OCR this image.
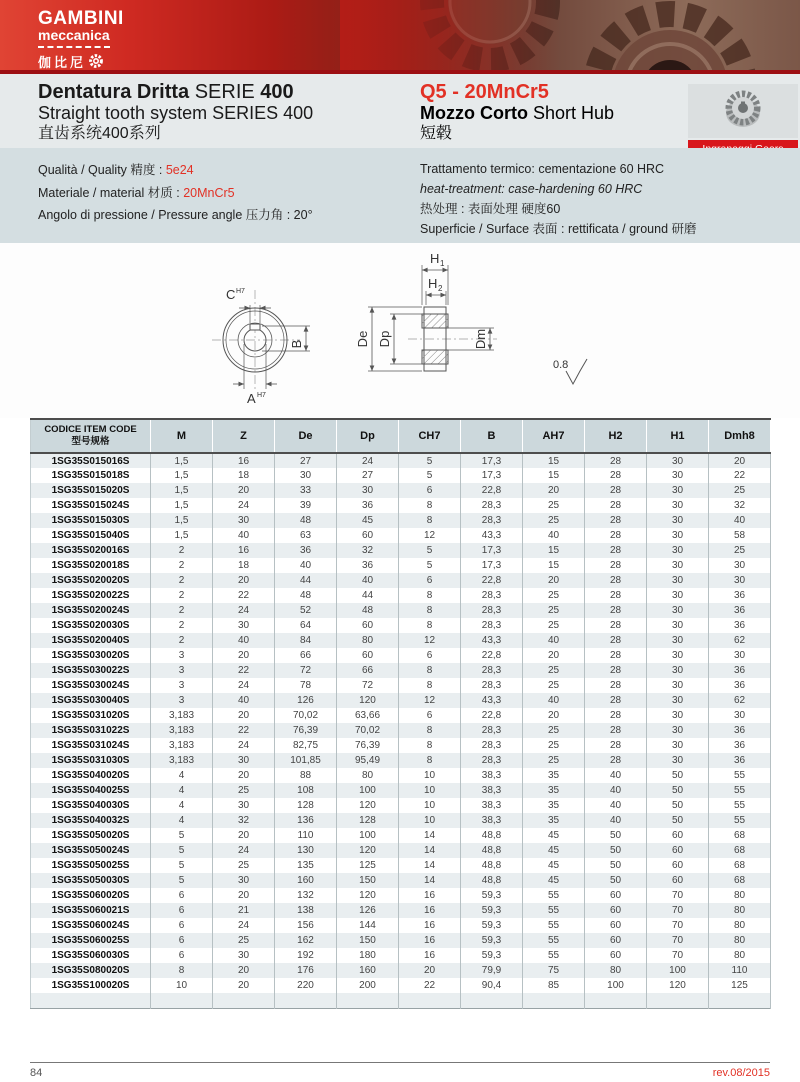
GAMBINI
meccanica
伽比尼
Dentatura Dritta SERIE 400
Straight tooth system SERIES 400
直齿系统400系列
Q5 - 20MnCr5
Mozzo Corto Short Hub
短毂
Qualità / Quality 精度 : 5e24
Materiale / material 材质 : 20MnCr5
Angolo di pressione / Pressure angle 压力角 : 20°
Trattamento termico: cementazione 60 HRC
heat-treatment: case-hardening 60 HRC
热处理 : 表面处理 硬度60
Superficie / Surface 表面 : rettificata / ground 研磨
C H7
B
A H7
H 1
H 2
De Dp	Dm
0.8
CODICE ITEM CODE
型号规格	M	Z	De	Dp	CH7	B	AH7	H2	H1	Dmh8
1SG35S015016S	1,5	16	27	24	5	17,3	15	28	30	20
1SG35S015018S	1,5	18	30	27	5	17,3	15	28	30	22
1SG35S015020S	1,5	20	33	30	6	22,8	20	28	30	25
1SG35S015024S	1,5	24	39	36	8	28,3	25	28	30	32
1SG35S015030S	1,5	30	48	45	8	28,3	25	28	30	40
1SG35S015040S	1,5	40	63	60	12	43,3	40	28	30	58
1SG35S020016S	2	16	36	32	5	17,3	15	28	30	25
1SG35S020018S	2	18	40	36	5	17,3	15	28	30	30
1SG35S020020S	2	20	44	40	6	22,8	20	28	30	30
1SG35S020022S	2	22	48	44	8	28,3	25	28	30	36
1SG35S020024S	2	24	52	48	8	28,3	25	28	30	36
1SG35S020030S	2	30	64	60	8	28,3	25	28	30	36
1SG35S020040S	2	40	84	80	12	43,3	40	28	30	62
1SG35S030020S	3	20	66	60	6	22,8	20	28	30	30
1SG35S030022S	3	22	72	66	8	28,3	25	28	30	36
1SG35S030024S	3	24	78	72	8	28,3	25	28	30	36
1SG35S030040S	3	40	126	120	12	43,3	40	28	30	62
1SG35S031020S	3,183	20	70,02	63,66	6	22,8	20	28	30	30
1SG35S031022S	3,183	22	76,39	70,02	8	28,3	25	28	30	36
1SG35S031024S	3,183	24	82,75	76,39	8	28,3	25	28	30	36
1SG35S031030S	3,183	30	101,85	95,49	8	28,3	25	28	30	36
1SG35S040020S	4	20	88	80	10	38,3	35	40	50	55
1SG35S040025S	4	25	108	100	10	38,3	35	40	50	55
1SG35S040030S	4	30	128	120	10	38,3	35	40	50	55
1SG35S040032S	4	32	136	128	10	38,3	35	40	50	55
1SG35S050020S	5	20	110	100	14	48,8	45	50	60	68
1SG35S050024S	5	24	130	120	14	48,8	45	50	60	68
1SG35S050025S	5	25	135	125	14	48,8	45	50	60	68
1SG35S050030S	5	30	160	150	14	48,8	45	50	60	68
1SG35S060020S	6	20	132	120	16	59,3	55	60	70	80
1SG35S060021S	6	21	138	126	16	59,3	55	60	70	80
1SG35S060024S	6	24	156	144	16	59,3	55	60	70	80
1SG35S060025S	6	25	162	150	16	59,3	55	60	70	80
1SG35S060030S	6	30	192	180	16	59,3	55	60	70	80
1SG35S080020S	8	20	176	160	20	79,9	75	80	100	110
1SG35S100020S	10	20	220	200	22	90,4	85	100	120	125

84	rev.08/2015
